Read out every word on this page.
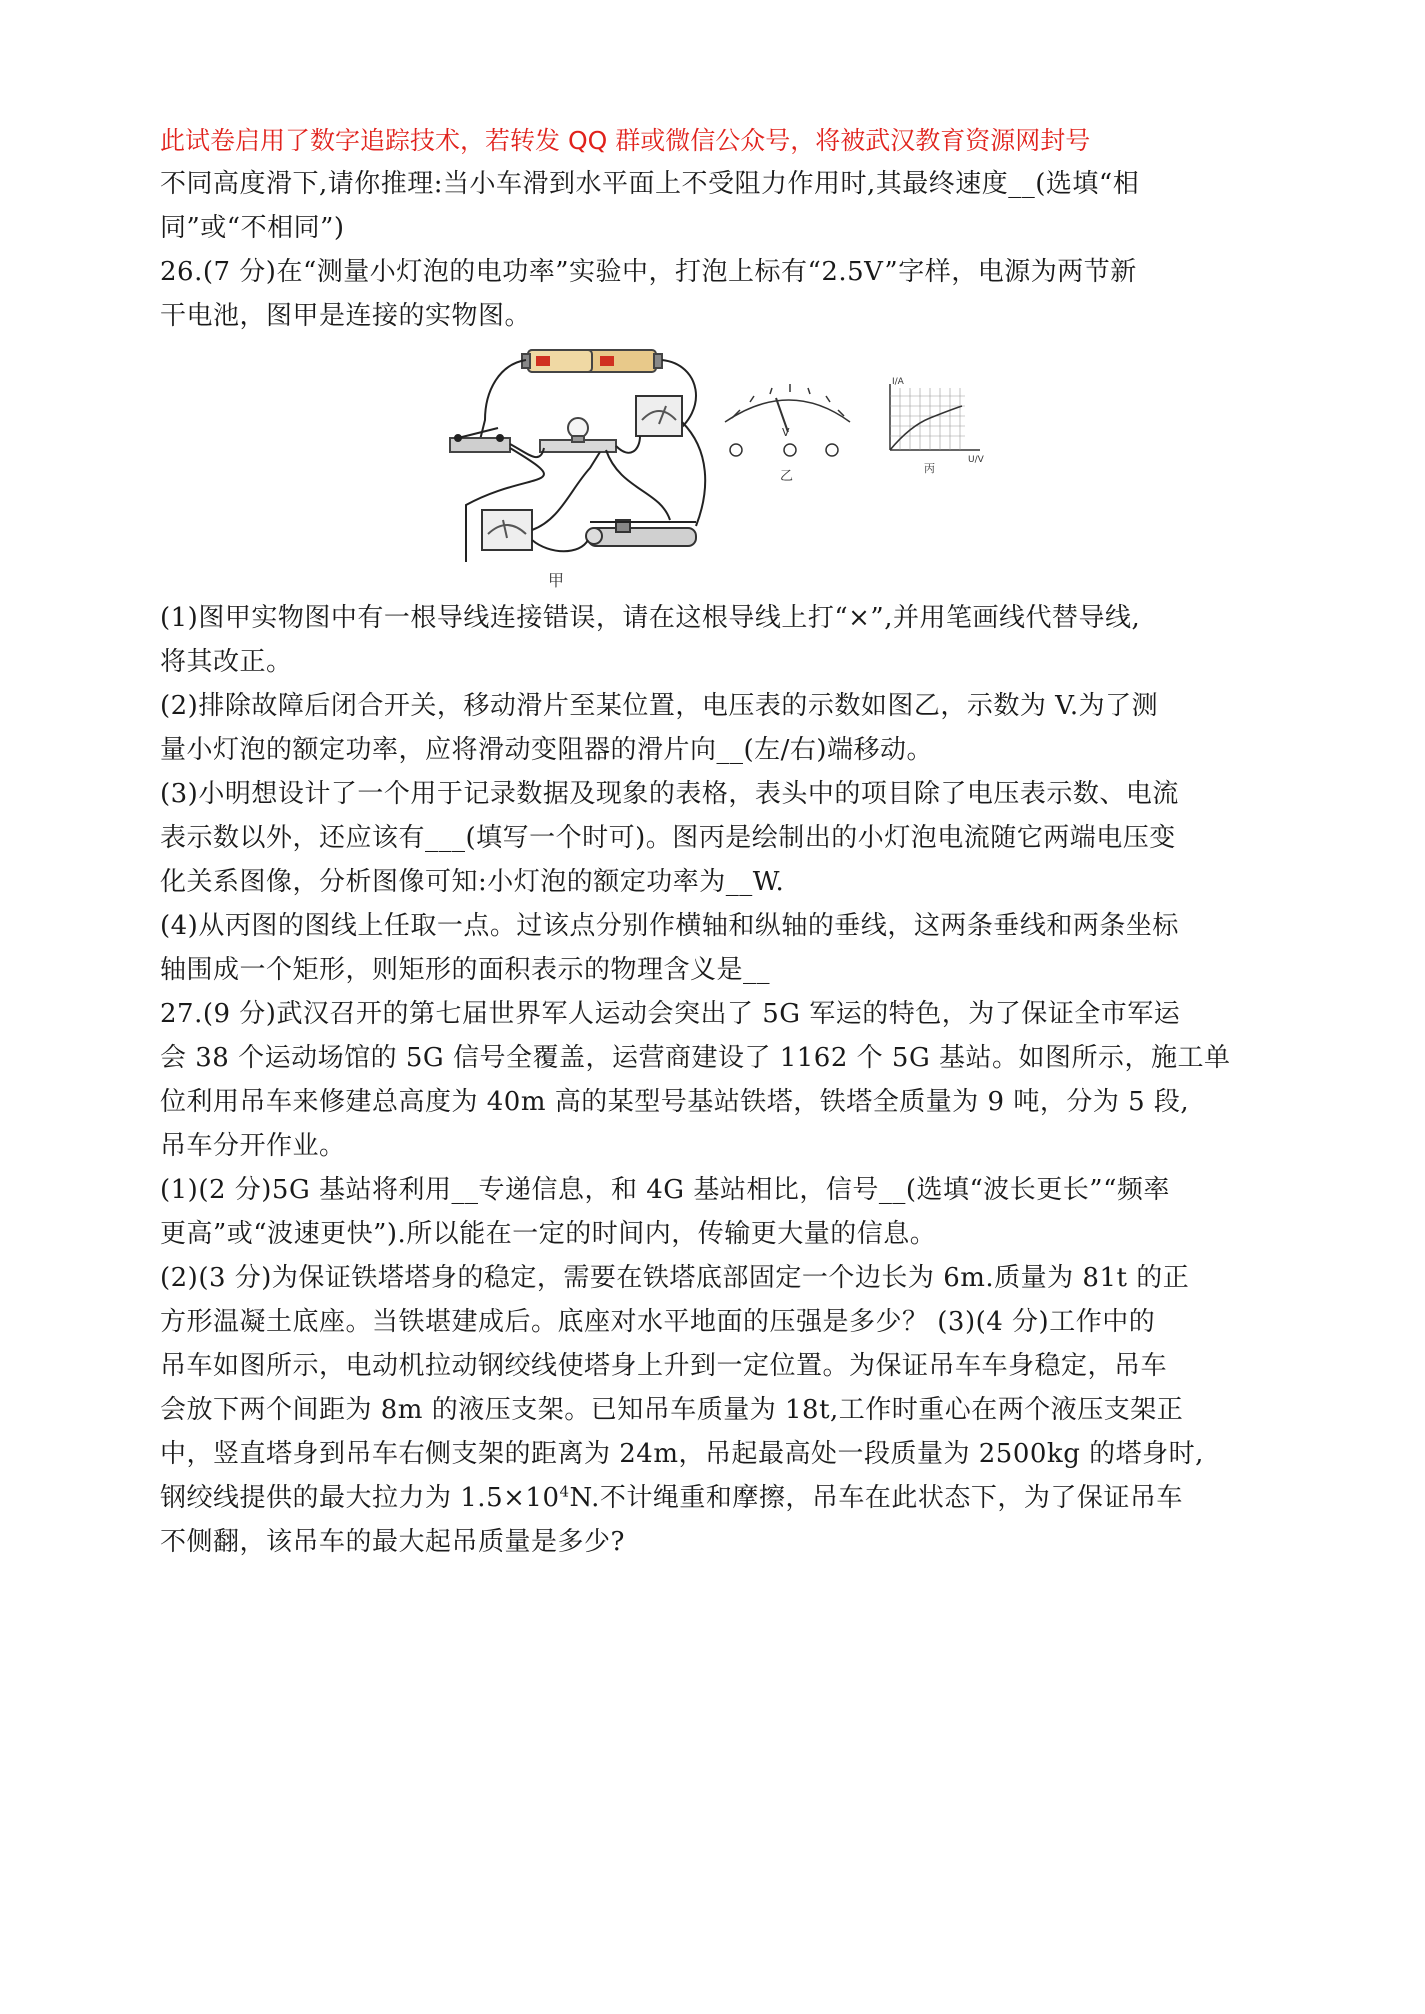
此试卷启用了数字追踪技术，若转发 QQ 群或微信公众号，将被武汉教育资源网封号

不同高度滑下,请你推理:当小车滑到水平面上不受阻力作用时,其最终速度__(选填“相

同”或“不相同”)

26.(7 分)在“测量小灯泡的电功率”实验中，打泡上标有“2.5V”字样，电源为两节新

干电池，图甲是连接的实物图。

甲
V
乙
I/A
U/V
丙

(1)图甲实物图中有一根导线连接错误，请在这根导线上打“×”,并用笔画线代替导线,

将其改正。

(2)排除故障后闭合开关，移动滑片至某位置，电压表的示数如图乙，示数为 V.为了测

量小灯泡的额定功率，应将滑动变阻器的滑片向__(左/右)端移动。

(3)小明想设计了一个用于记录数据及现象的表格，表头中的项目除了电压表示数、电流

表示数以外，还应该有___(填写一个时可)。图丙是绘制出的小灯泡电流随它两端电压变

化关系图像，分析图像可知:小灯泡的额定功率为__W.

(4)从丙图的图线上任取一点。过该点分别作横轴和纵轴的垂线，这两条垂线和两条坐标

轴围成一个矩形，则矩形的面积表示的物理含义是__

27.(9 分)武汉召开的第七届世界军人运动会突出了 5G 军运的特色，为了保证全市军运

会 38 个运动场馆的 5G 信号全覆盖，运营商建设了 1162 个 5G 基站。如图所示，施工单

位利用吊车来修建总高度为 40m 高的某型号基站铁塔，铁塔全质量为 9 吨，分为 5 段,

吊车分开作业。

(1)(2 分)5G 基站将利用__专递信息，和 4G 基站相比，信号__(选填“波长更长”“频率

更高”或“波速更快”).所以能在一定的时间内，传输更大量的信息。

(2)(3 分)为保证铁塔塔身的稳定，需要在铁塔底部固定一个边长为 6m.质量为 81t 的正

方形温凝土底座。当铁堪建成后。底座对水平地面的压强是多少？ (3)(4 分)工作中的

吊车如图所示，电动机拉动钢绞线使塔身上升到一定位置。为保证吊车车身稳定，吊车

会放下两个间距为 8m 的液压支架。已知吊车质量为 18t,工作时重心在两个液压支架正

中，竖直塔身到吊车右侧支架的距离为 24m，吊起最高处一段质量为 2500kg 的塔身时,

钢绞线提供的最大拉力为 $1.5\times 10^4N$.不计绳重和摩擦，吊车在此状态下，为了保证吊车

不侧翻，该吊车的最大起吊质量是多少?
